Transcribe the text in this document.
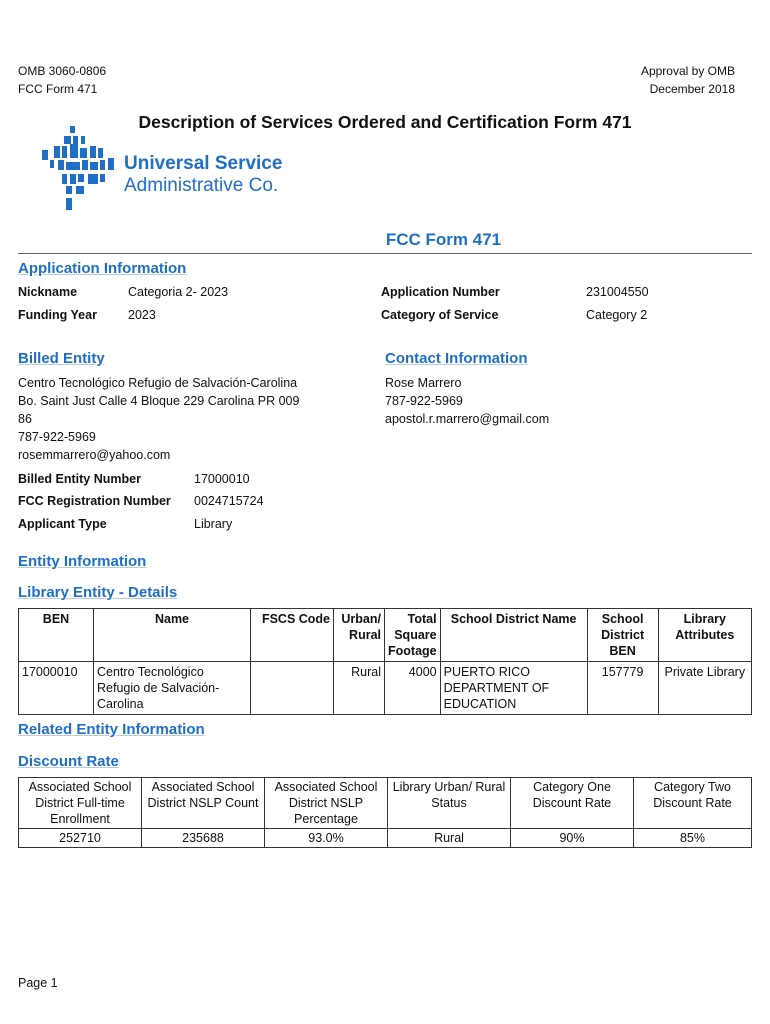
OMB 3060-0806
FCC Form 471
Approval by OMB
December 2018
Description of Services Ordered and Certification Form 471
Universal Service
Administrative Co.
FCC Form 471
Application Information
Nickname	Categoria 2- 2023	Application Number	231004550
Funding Year 2023	Category of Service	Category 2
Billed Entity
Centro Tecnológico Refugio de Salvación-Carolina
Bo. Saint Just Calle 4 Bloque 229 Carolina PR 009
86
787-922-5969
rosemmarrero@yahoo.com
Contact Information
Rose Marrero
787-922-5969
apostol.r.marrero@gmail.com
Billed Entity Number	17000010
FCC Registration Number 0024715724
Applicant Type	Library
Entity Information
Library Entity - Details
BEN	Name	FSCS Code	Urban/ Rural	Total Square Footage	School District Name	School District BEN	Library Attributes
17000010	Centro Tecnológico Refugio de Salvación-Carolina		Rural	4000	PUERTO RICO DEPARTMENT OF EDUCATION	157779	Private Library
Related Entity Information
Discount Rate
Associated School District Full-time Enrollment	Associated School District NSLP Count	Associated School District NSLP Percentage	Library Urban/ Rural Status	Category One Discount Rate	Category Two Discount Rate
252710	235688	93.0%	Rural	90%	85%
Page 1
